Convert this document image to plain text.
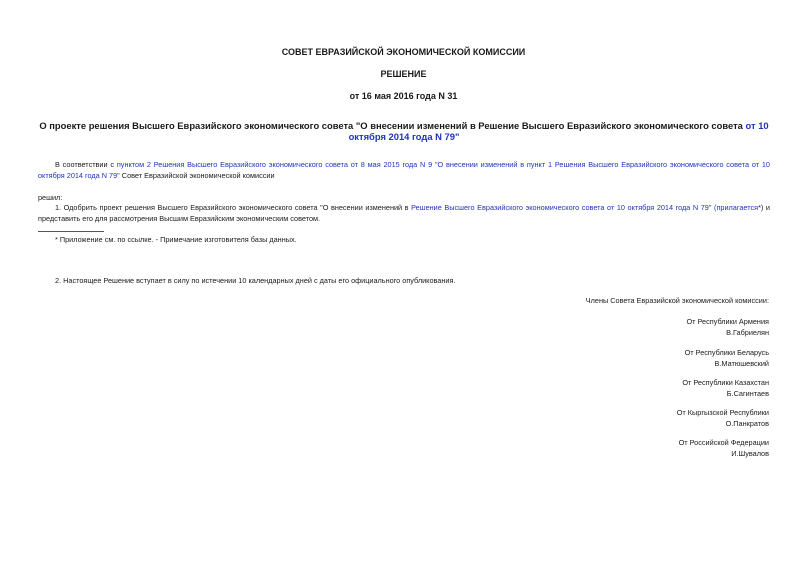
СОВЕТ ЕВРАЗИЙСКОЙ ЭКОНОМИЧЕСКОЙ КОМИССИИ
РЕШЕНИЕ
от 16 мая 2016 года N 31
О проекте решения Высшего Евразийского экономического совета "О внесении изменений в Решение Высшего Евразийского экономического совета от 10 октября 2014 года N 79"
В соответствии с пунктом 2 Решения Высшего Евразийского экономического совета от 8 мая 2015 года N 9 "О внесении изменений в пункт 1 Решения Высшего Евразийского экономического совета от 10 октября 2014 года N 79" Совет Евразийской экономической комиссии
решил:
1. Одобрить проект решения Высшего Евразийского экономического совета "О внесении изменений в Решение Высшего Евразийского экономического совета от 10 октября 2014 года N 79" (прилагается*) и представить его для рассмотрения Высшим Евразийским экономическим советом.
* Приложение см. по ссылке. - Примечание изготовителя базы данных.
2. Настоящее Решение вступает в силу по истечении 10 календарных дней с даты его официального опубликования.
Члены Совета Евразийской экономической комиссии:
От Республики Армения
В.Габриелян
От Республики Беларусь
В.Матюшевский
От Республики Казахстан
Б.Сагинтаев
От Кыргызской Республики
О.Панкратов
От Российской Федерации
И.Шувалов
